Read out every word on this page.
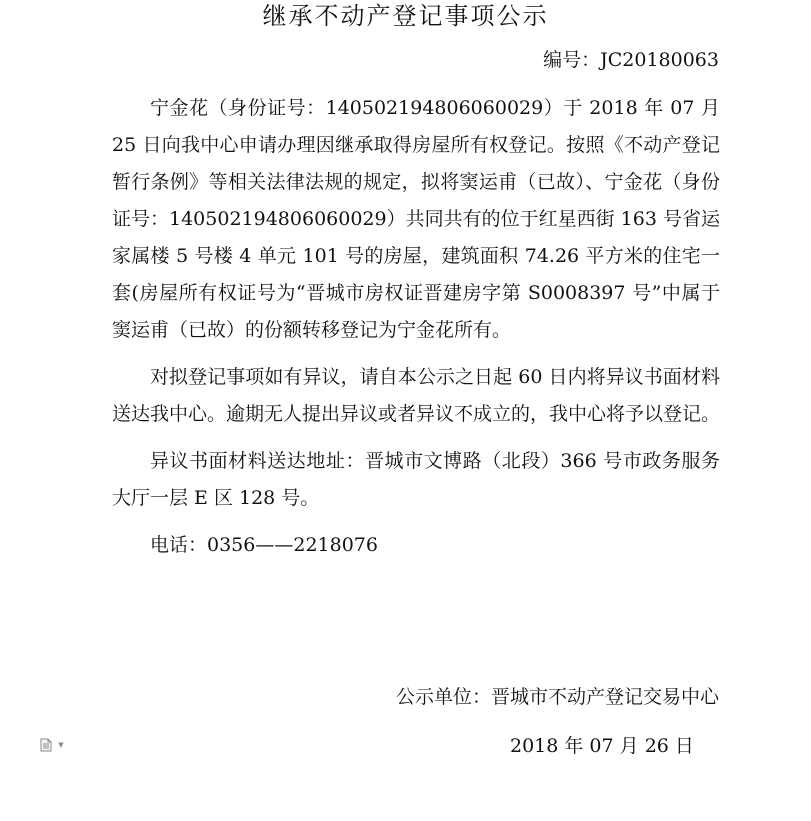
继承不动产登记事项公示
编号：JC20180063

宁金花（身份证号：140502194806060029）于 2018 年 07 月 25 日向我中心申请办理因继承取得房屋所有权登记。按照《不动产登记暂行条例》等相关法律法规的规定，拟将窦运甫（已故）、宁金花（身份证号：140502194806060029）共同共有的位于红星西街 163 号省运家属楼 5 号楼 4 单元 101 号的房屋，建筑面积 74.26 平方米的住宅一套(房屋所有权证号为“晋城市房权证晋建房字第 S0008397 号”中属于窦运甫（已故）的份额转移登记为宁金花所有。

对拟登记事项如有异议，请自本公示之日起 60 日内将异议书面材料送达我中心。逾期无人提出异议或者异议不成立的，我中心将予以登记。

异议书面材料送达地址：晋城市文博路（北段）366 号市政务服务大厅一层 E 区 128 号。

电话：0356——2218076

公示单位：晋城市不动产登记交易中心
2018 年 07 月 26 日
▼
